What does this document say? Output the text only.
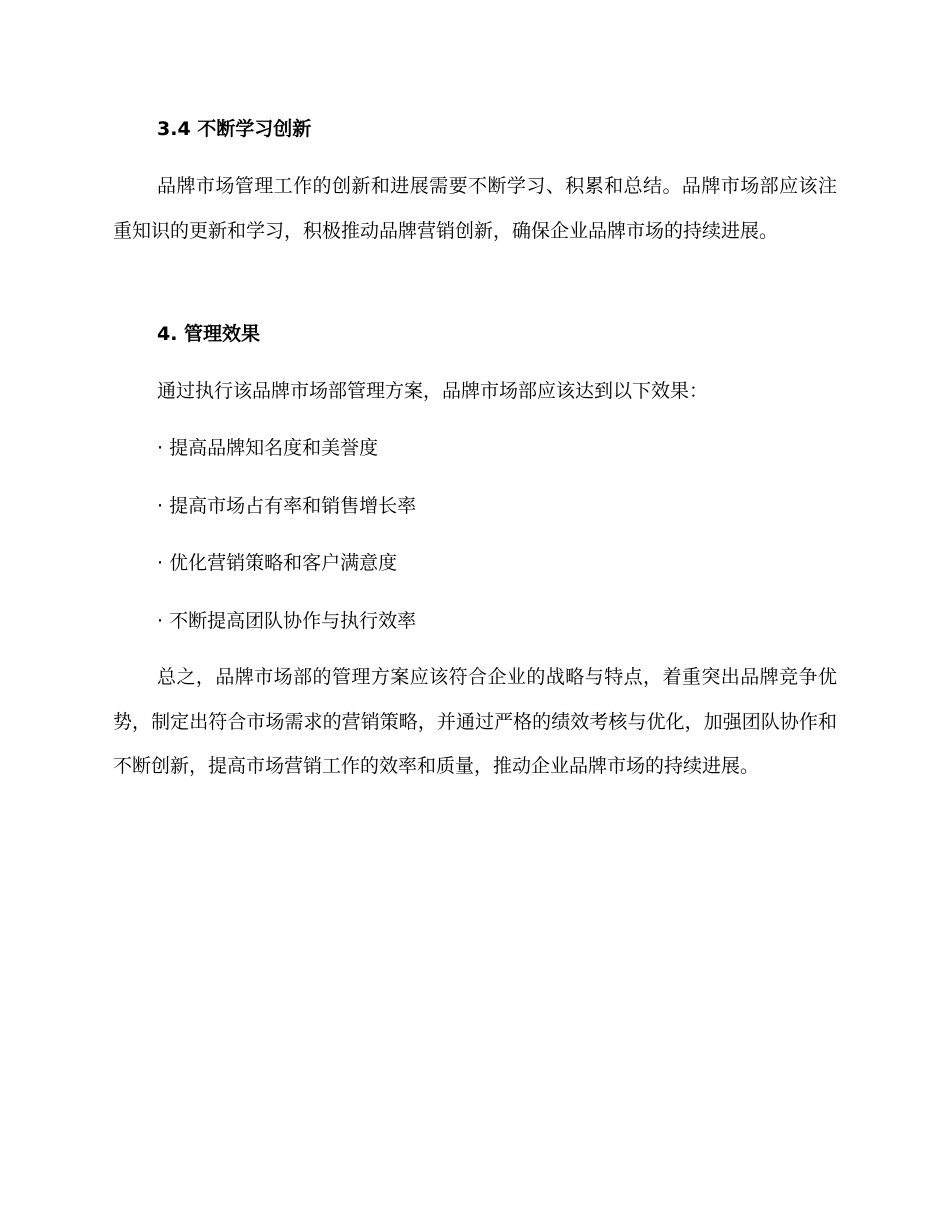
3.4 不断学习创新

品牌市场管理工作的创新和进展需要不断学习、积累和总结。品牌市场部应该注重知识的更新和学习，积极推动品牌营销创新，确保企业品牌市场的持续进展。

4. 管理效果

通过执行该品牌市场部管理方案，品牌市场部应该达到以下效果：

· 提高品牌知名度和美誉度
· 提高市场占有率和销售增长率
· 优化营销策略和客户满意度
· 不断提高团队协作与执行效率

总之，品牌市场部的管理方案应该符合企业的战略与特点，着重突出品牌竞争优势，制定出符合市场需求的营销策略，并通过严格的绩效考核与优化，加强团队协作和不断创新，提高市场营销工作的效率和质量，推动企业品牌市场的持续进展。
